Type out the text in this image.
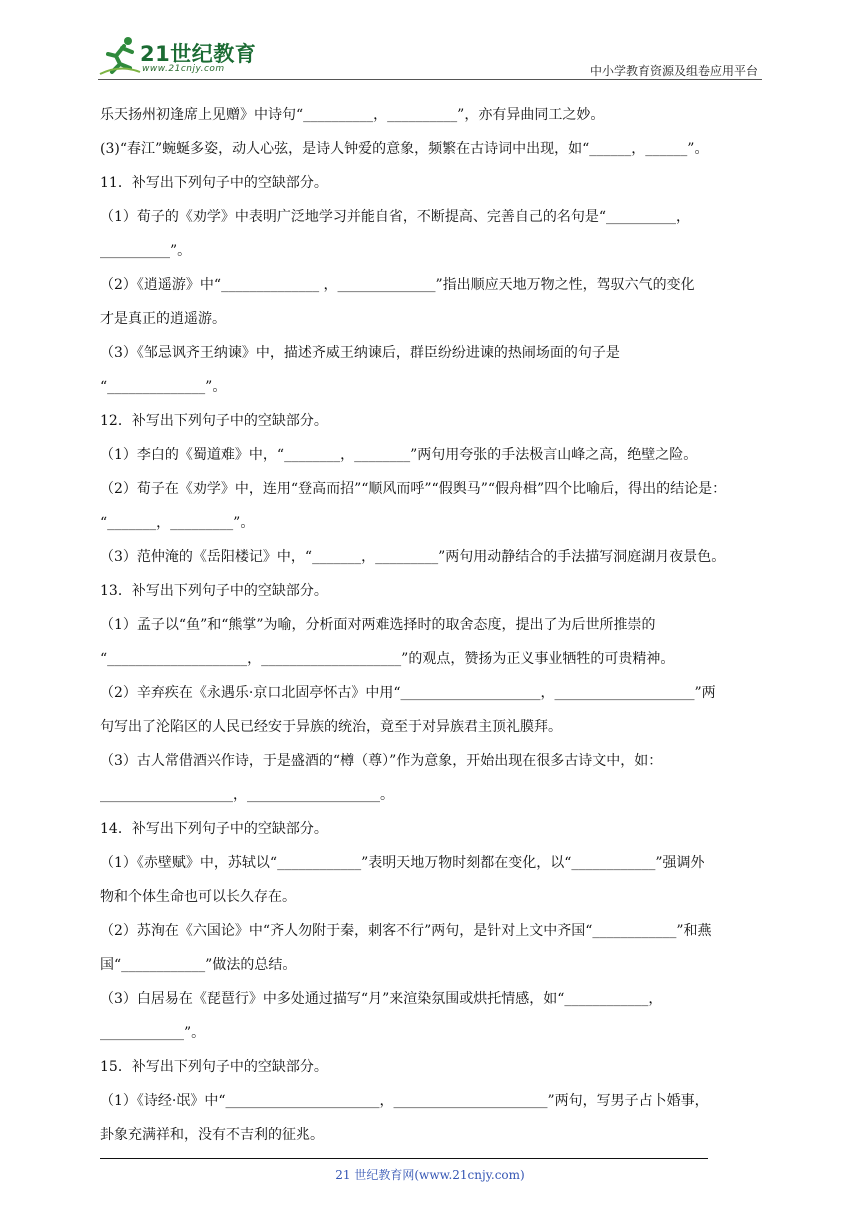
21世纪教育
www.21cnjy.com	中小学教育资源及组卷应用平台
乐天扬州初逢席上见赠》中诗句“__________，__________”，亦有异曲同工之妙。
(3)“春江”蜿蜒多姿，动人心弦，是诗人钟爱的意象，频繁在古诗词中出现，如“______，______”。
11．补写出下列句子中的空缺部分。
（1）荀子的《劝学》中表明广泛地学习并能自省，不断提高、完善自己的名句是“__________，
__________”。
（2）《逍遥游》中“______________ ，______________”指出顺应天地万物之性，驾驭六气的变化
才是真正的逍遥游。
（3）《邹忌讽齐王纳谏》中，描述齐威王纳谏后，群臣纷纷进谏的热闹场面的句子是
“______________”。
12．补写出下列句子中的空缺部分。
（1）李白的《蜀道难》中，“________，________”两句用夸张的手法极言山峰之高，绝壁之险。
（2）荀子在《劝学》中，连用“登高而招”“顺风而呼”“假舆马”“假舟楫”四个比喻后，得出的结论是：
“_______，_________”。
（3）范仲淹的《岳阳楼记》中，“_______，_________”两句用动静结合的手法描写洞庭湖月夜景色。
13．补写出下列句子中的空缺部分。
（1）孟子以“鱼”和“熊掌”为喻，分析面对两难选择时的取舍态度，提出了为后世所推崇的
“____________________，____________________”的观点，赞扬为正义事业牺牲的可贵精神。
（2）辛弃疾在《永遇乐·京口北固亭怀古》中用“____________________，____________________”两
句写出了沦陷区的人民已经安于异族的统治，竟至于对异族君主顶礼膜拜。
（3）古人常借酒兴作诗，于是盛酒的“樽（尊）”作为意象，开始出现在很多古诗文中，如：
___________________，___________________。
14．补写出下列句子中的空缺部分。
（1）《赤壁赋》中，苏轼以“____________”表明天地万物时刻都在变化，以“____________”强调外
物和个体生命也可以长久存在。
（2）苏洵在《六国论》中“齐人勿附于秦，刺客不行”两句，是针对上文中齐国“____________”和燕
国“____________”做法的总结。
（3）白居易在《琵琶行》中多处通过描写“月”来渲染氛围或烘托情感，如“____________，
____________”。
15．补写出下列句子中的空缺部分。
（1）《诗经·氓》中“______________________，______________________”两句，写男子占卜婚事，
卦象充满祥和，没有不吉利的征兆。
21 世纪教育网(www.21cnjy.com)
